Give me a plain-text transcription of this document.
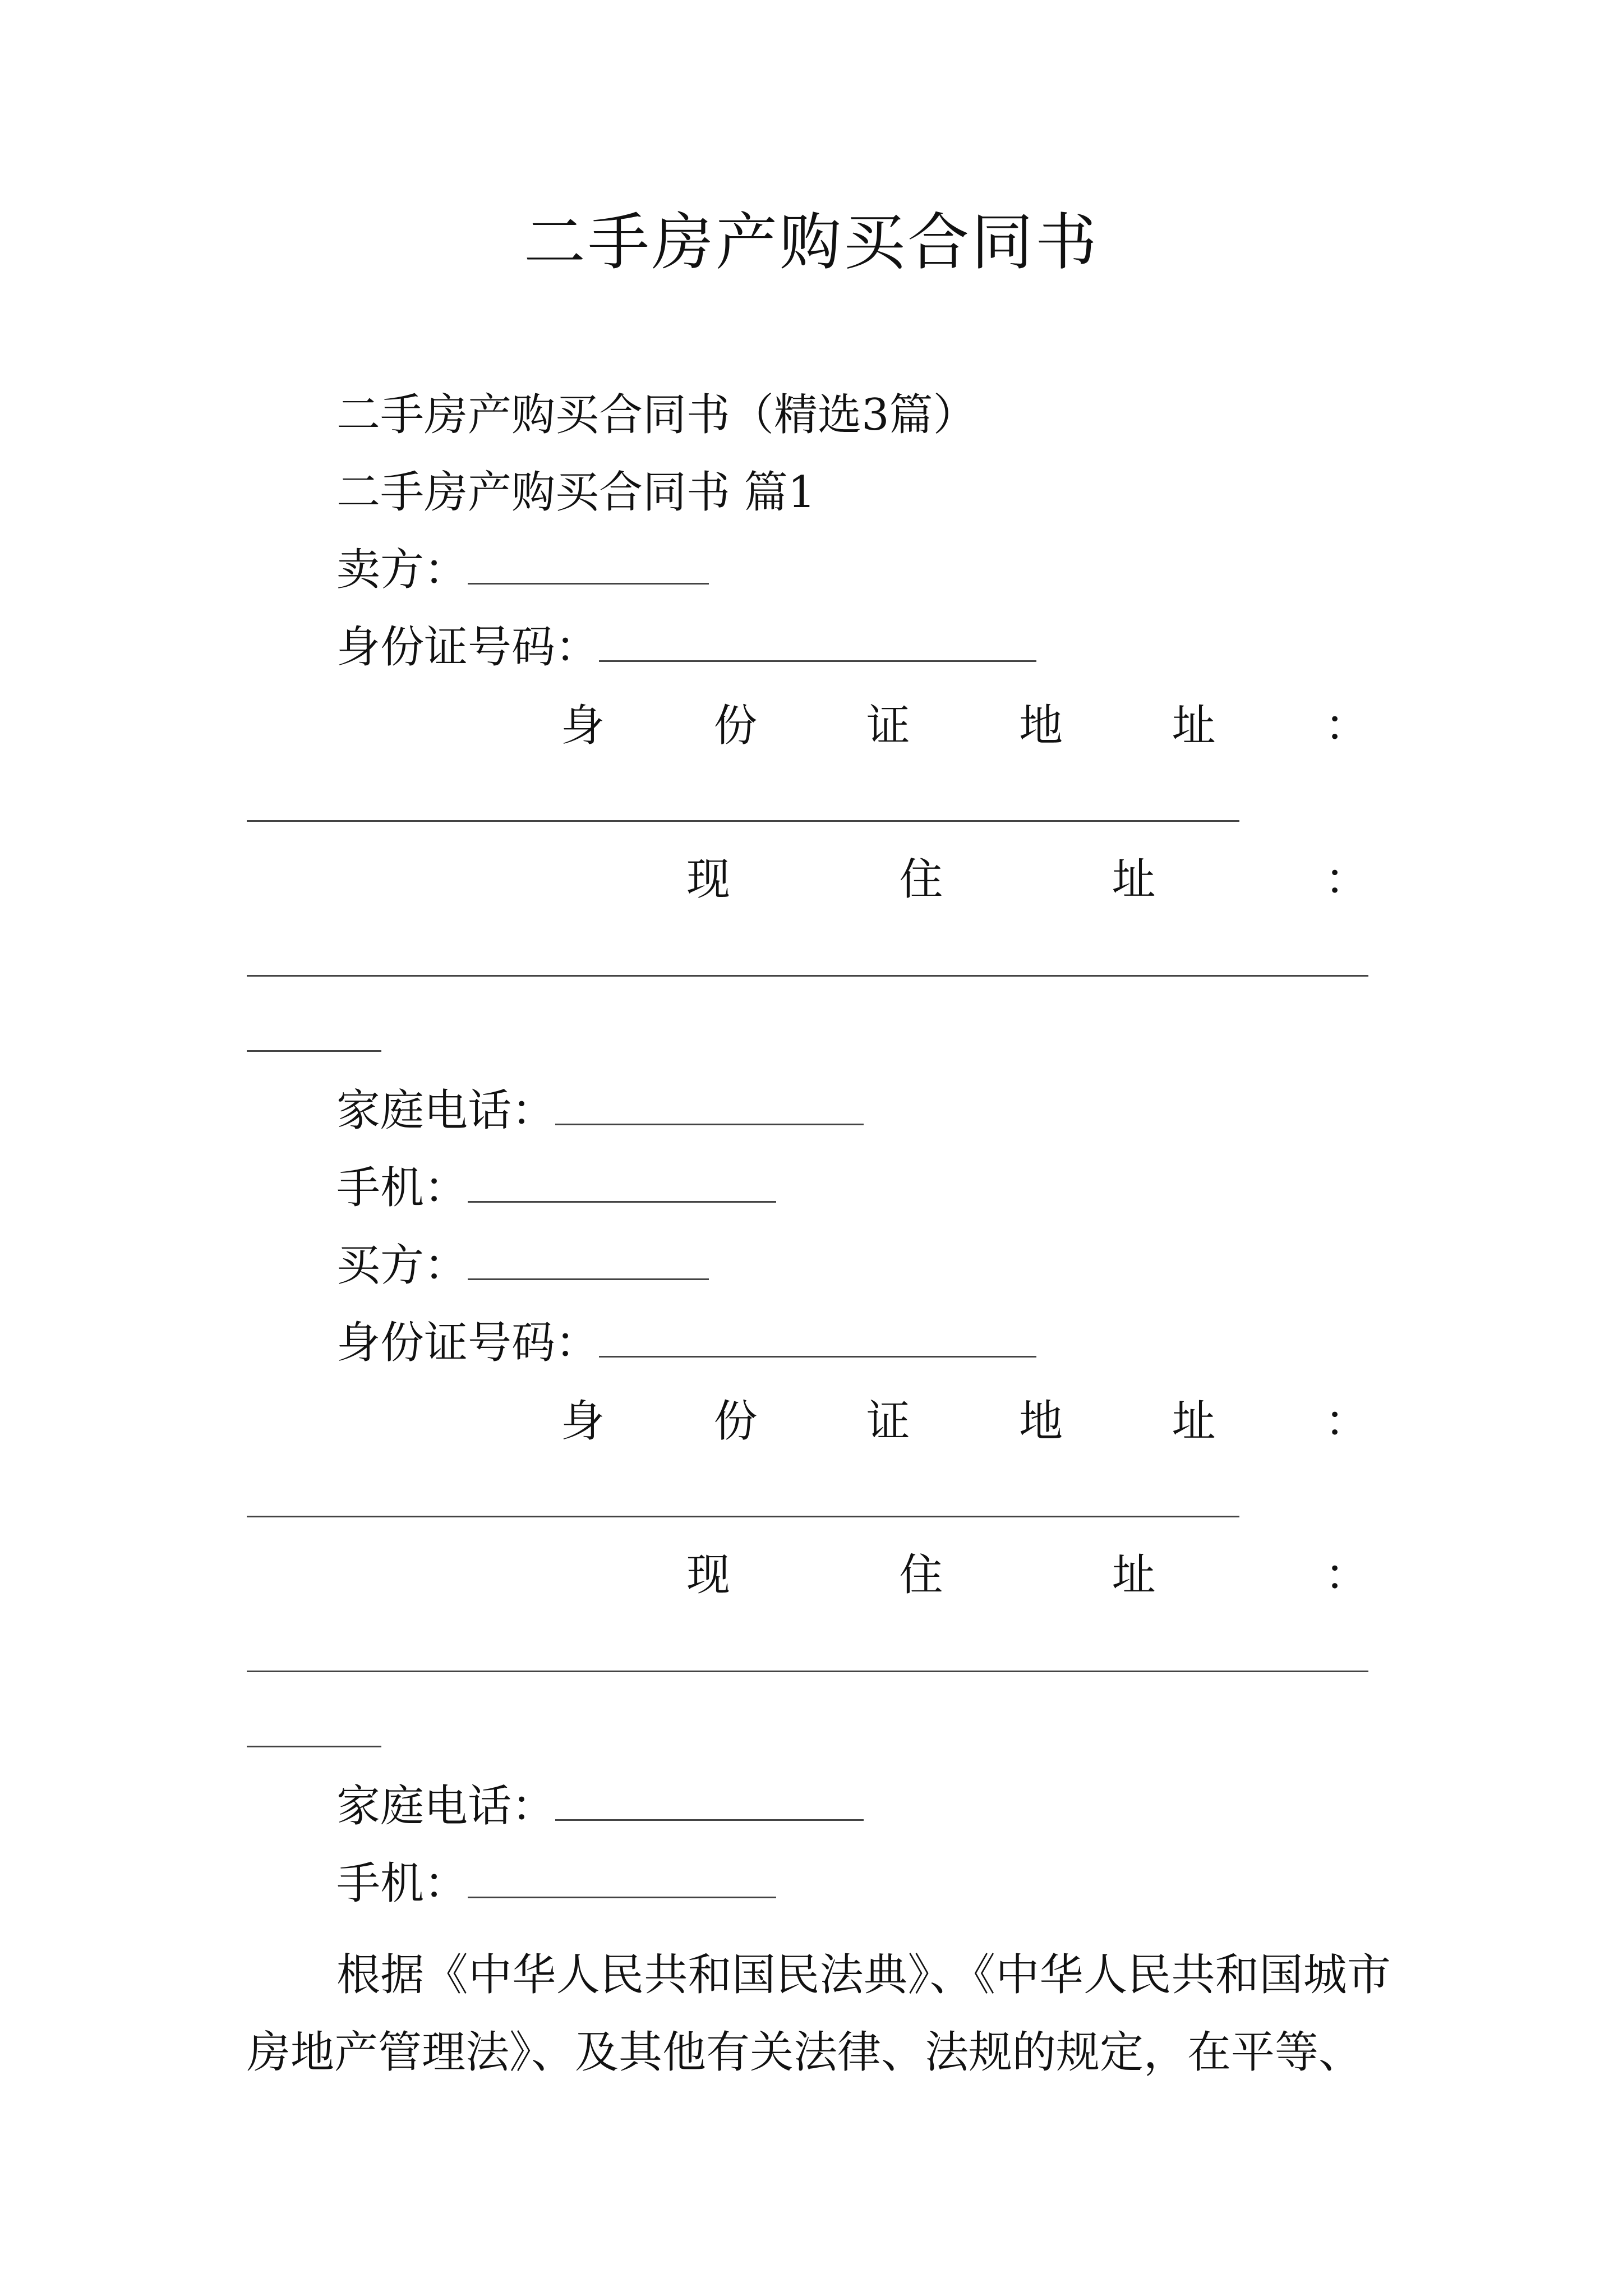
二手房产购买合同书
二手房产购买合同书（精选3篇）
二手房产购买合同书 篇1
卖方：
身份证号码：
身 份 证 地 址 ：
现	住	址	：
家庭电话：
手机：
买方：
身份证号码：
身 份 证 地 址 ：
现	住	址	：
家庭电话：
手机：

根据《中华人民共和国民法典》、《中华人民共和国城市房地产管理法》、及其他有关法律、法规的规定，在平等、
